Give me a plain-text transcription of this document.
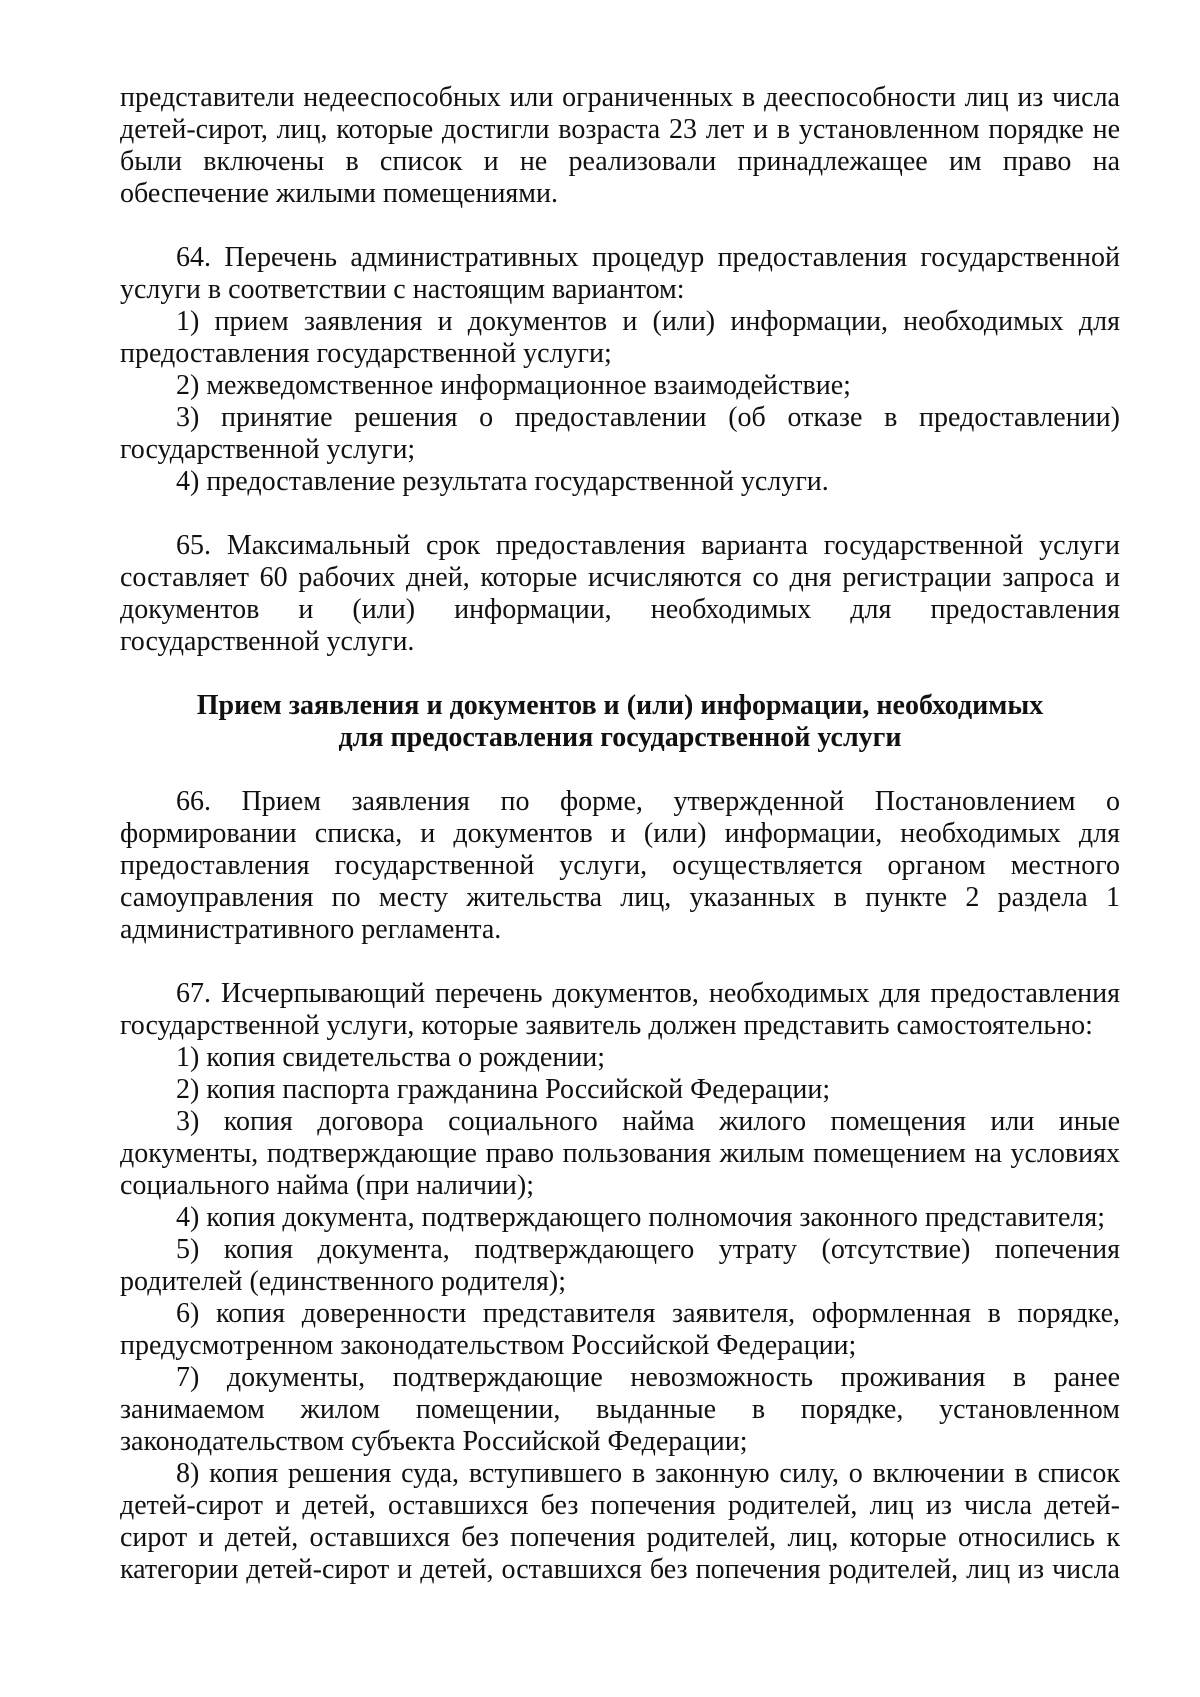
представители недееспособных или ограниченных в дееспособности лиц из числа детей-сирот, лиц, которые достигли возраста 23 лет и в установленном порядке не были включены в список и не реализовали принадлежащее им право на обеспечение жилыми помещениями.

64. Перечень административных процедур предоставления государственной услуги в соответствии с настоящим вариантом:

1) прием заявления и документов и (или) информации, необходимых для предоставления государственной услуги;

2) межведомственное информационное взаимодействие;

3) принятие решения о предоставлении (об отказе в предоставлении) государственной услуги;

4) предоставление результата государственной услуги.

65. Максимальный срок предоставления варианта государственной услуги составляет 60 рабочих дней, которые исчисляются со дня регистрации запроса и документов и (или) информации, необходимых для предоставления государственной услуги.

Прием заявления и документов и (или) информации, необходимых
для предоставления государственной услуги

66. Прием заявления по форме, утвержденной Постановлением о формировании списка, и документов и (или) информации, необходимых для предоставления государственной услуги, осуществляется органом местного самоуправления по месту жительства лиц, указанных в пункте 2 раздела 1 административного регламента.

67. Исчерпывающий перечень документов, необходимых для предоставления государственной услуги, которые заявитель должен представить самостоятельно:

1) копия свидетельства о рождении;

2) копия паспорта гражданина Российской Федерации;

3) копия договора социального найма жилого помещения или иные документы, подтверждающие право пользования жилым помещением на условиях социального найма (при наличии);

4) копия документа, подтверждающего полномочия законного представителя;

5) копия документа, подтверждающего утрату (отсутствие) попечения родителей (единственного родителя);

6) копия доверенности представителя заявителя, оформленная в порядке, предусмотренном законодательством Российской Федерации;

7) документы, подтверждающие невозможность проживания в ранее занимаемом жилом помещении, выданные в порядке, установленном законодательством субъекта Российской Федерации;

8) копия решения суда, вступившего в законную силу, о включении в список детей-сирот и детей, оставшихся без попечения родителей, лиц из числа детей-сирот и детей, оставшихся без попечения родителей, лиц, которые относились к категории детей-сирот и детей, оставшихся без попечения родителей, лиц из числа
